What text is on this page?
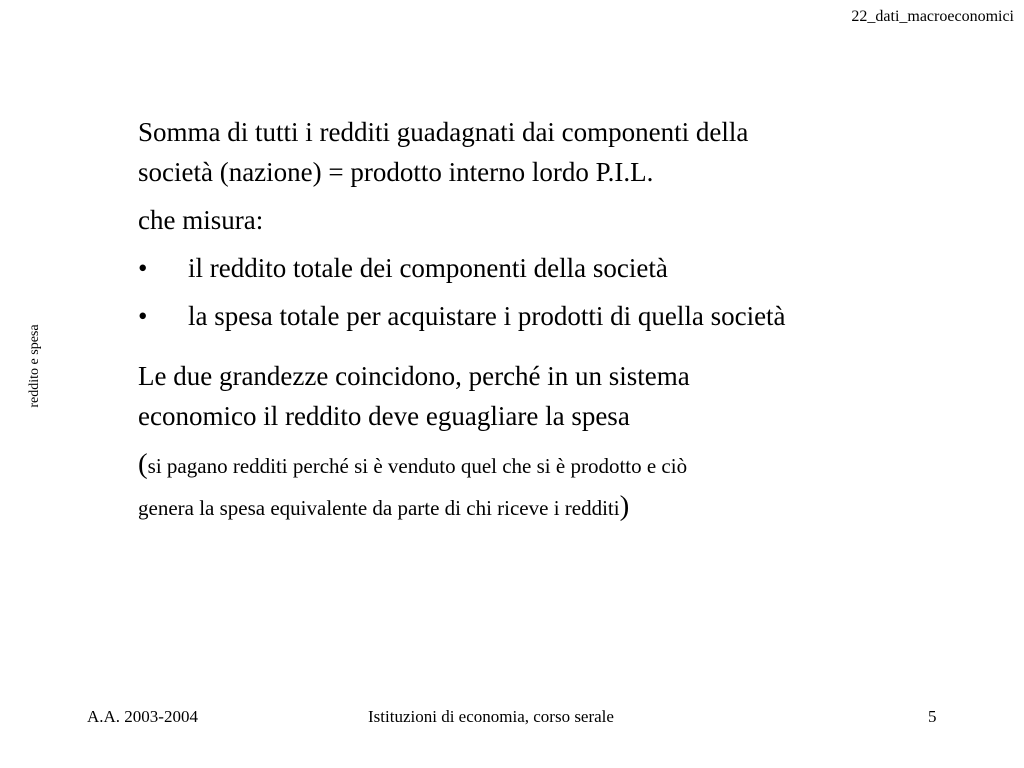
22_dati_macroeconomici
reddito e spesa

Somma di tutti i redditi guadagnati dai componenti della

società (nazione) = prodotto interno lordo P.I.L.

che misura:

•	il reddito totale dei componenti della società
•	la spesa totale per acquistare i prodotti di quella società

Le due grandezze coincidono, perché in un sistema

economico il reddito deve eguagliare la spesa

(si pagano redditi perché si è venduto quel che si è prodotto e ciò

genera la spesa equivalente da parte di chi riceve i redditi)

A.A. 2003-2004	Istituzioni di economia, corso serale	5
